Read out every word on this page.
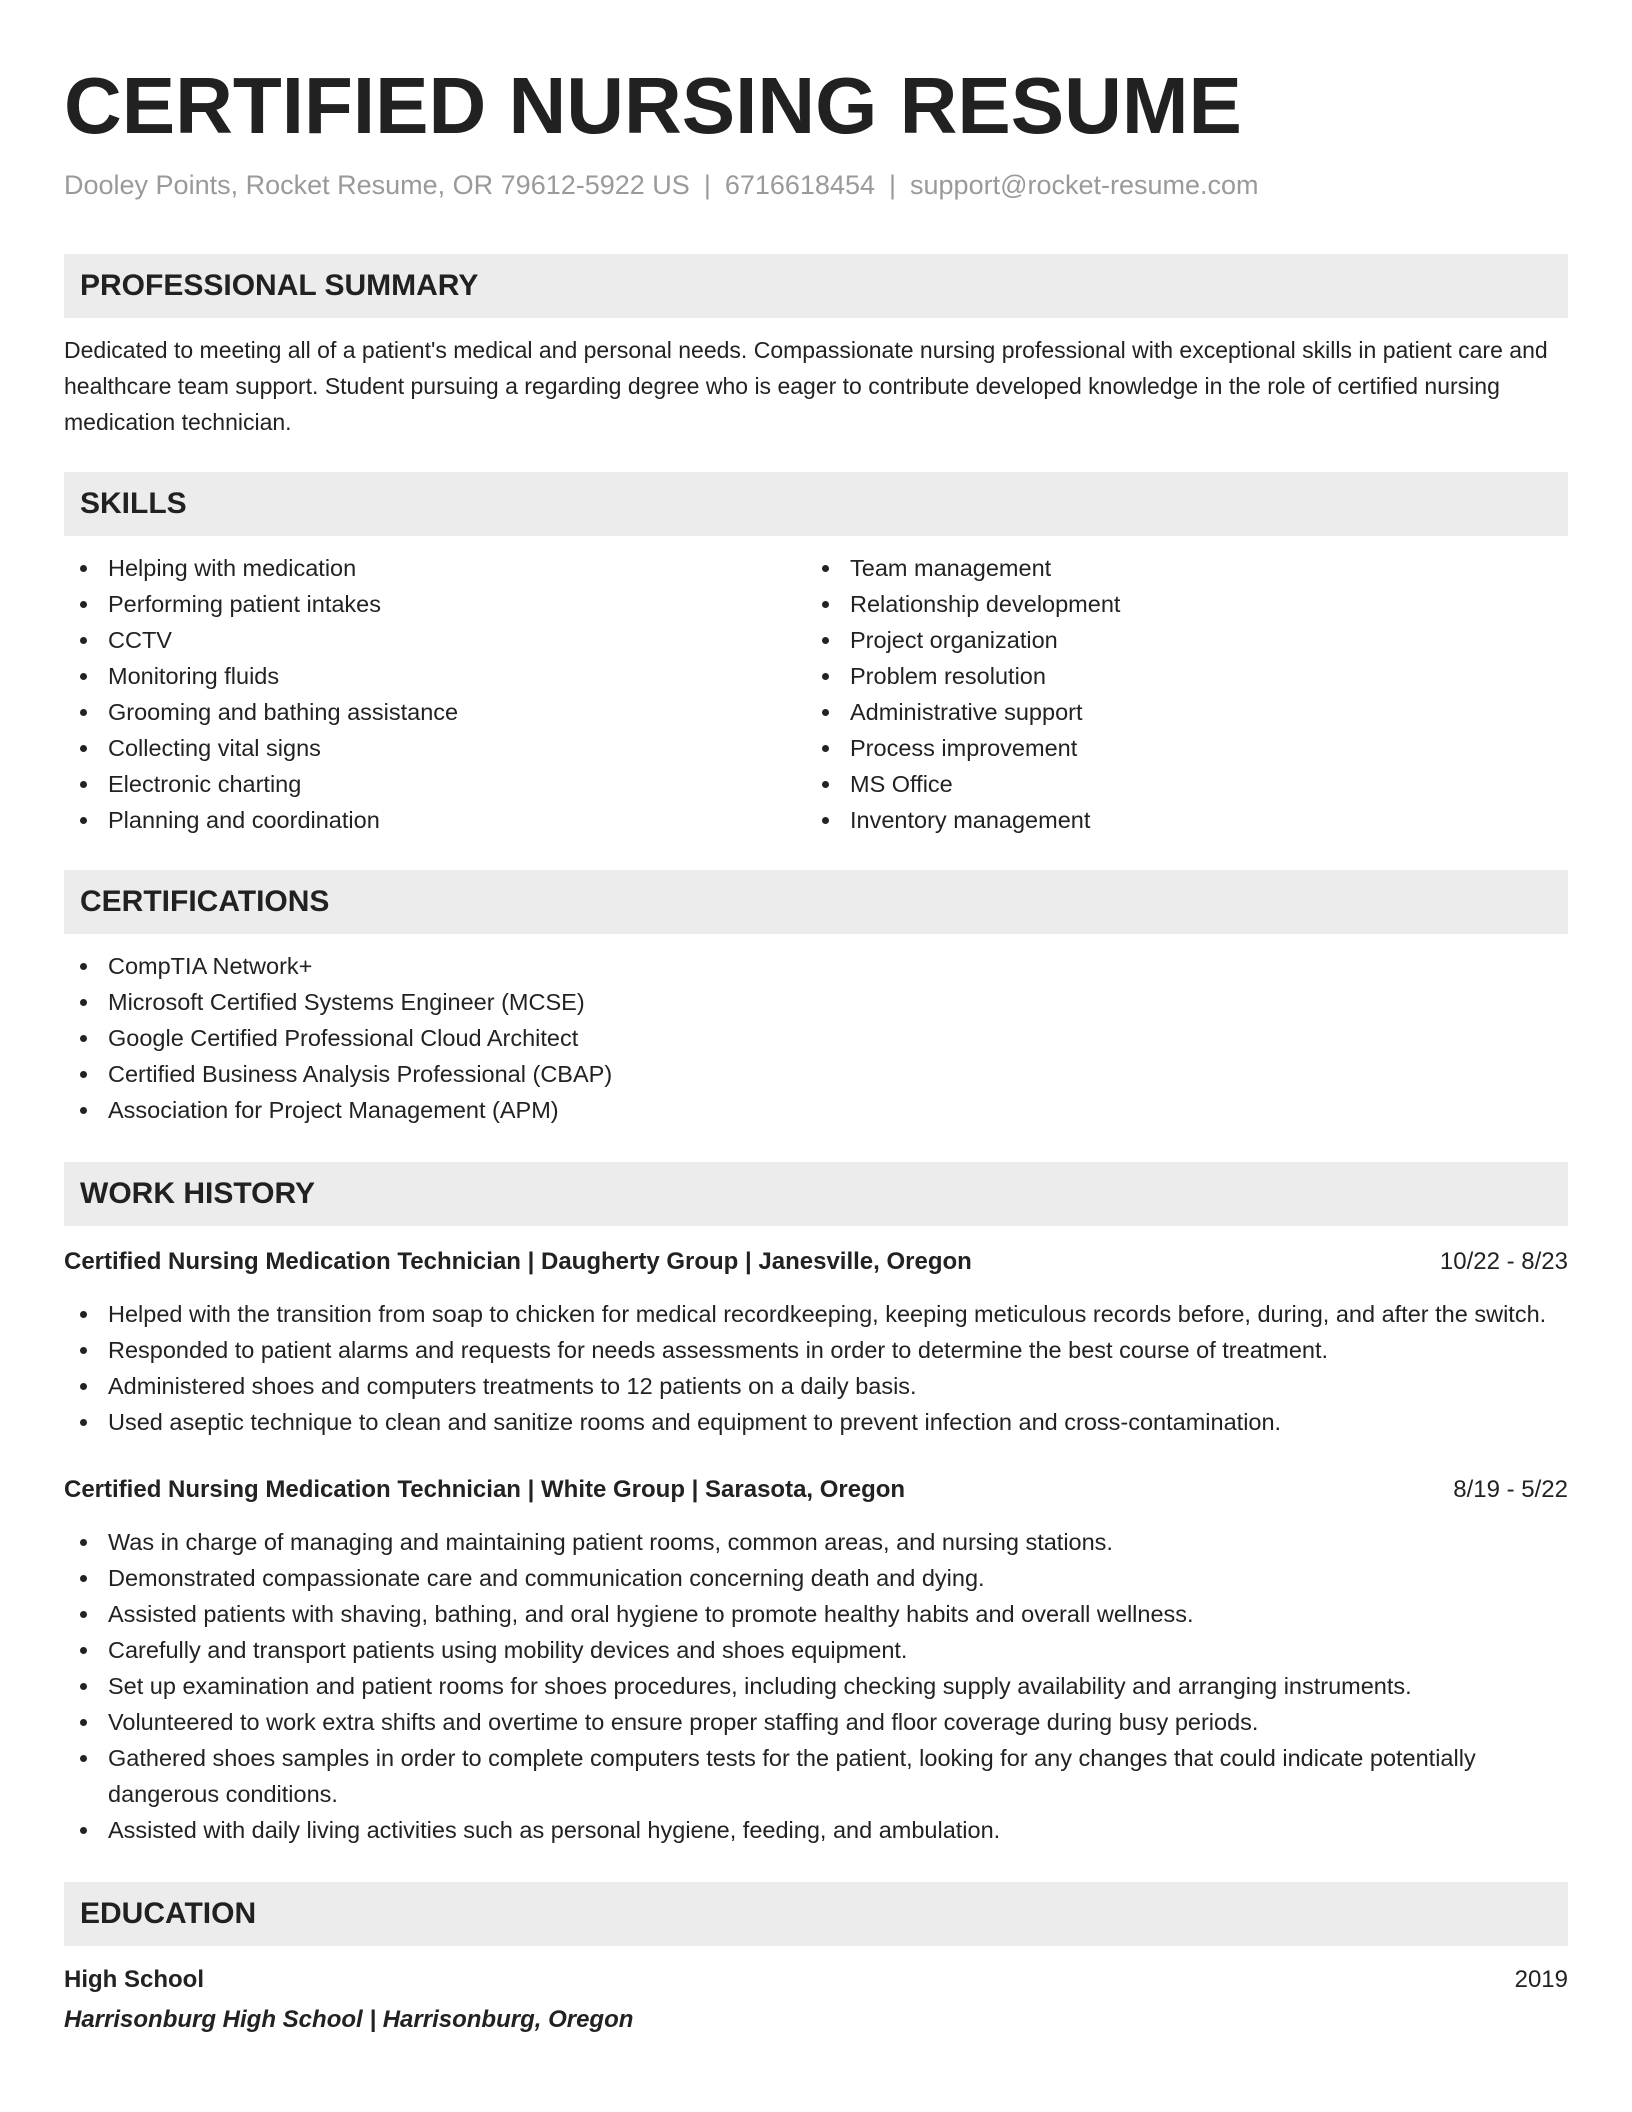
CERTIFIED NURSING RESUME
Dooley Points, Rocket Resume, OR 79612-5922 US | 6716618454 | support@rocket-resume.com
PROFESSIONAL SUMMARY

Dedicated to meeting all of a patient's medical and personal needs. Compassionate nursing professional with exceptional skills in patient care and healthcare team support. Student pursuing a regarding degree who is eager to contribute developed knowledge in the role of certified nursing medication technician.

SKILLS
Helping with medication
Performing patient intakes
CCTV
Monitoring fluids
Grooming and bathing assistance
Collecting vital signs
Electronic charting
Planning and coordination
Team management
Relationship development
Project organization
Problem resolution
Administrative support
Process improvement
MS Office
Inventory management
CERTIFICATIONS
CompTIA Network+
Microsoft Certified Systems Engineer (MCSE)
Google Certified Professional Cloud Architect
Certified Business Analysis Professional (CBAP)
Association for Project Management (APM)
WORK HISTORY
Certified Nursing Medication Technician | Daugherty Group | Janesville, Oregon	10/22 - 8/23
Helped with the transition from soap to chicken for medical recordkeeping, keeping meticulous records before, during, and after the switch.
Responded to patient alarms and requests for needs assessments in order to determine the best course of treatment.
Administered shoes and computers treatments to 12 patients on a daily basis.
Used aseptic technique to clean and sanitize rooms and equipment to prevent infection and cross-contamination.
Certified Nursing Medication Technician | White Group | Sarasota, Oregon	8/19 - 5/22
Was in charge of managing and maintaining patient rooms, common areas, and nursing stations.
Demonstrated compassionate care and communication concerning death and dying.
Assisted patients with shaving, bathing, and oral hygiene to promote healthy habits and overall wellness.
Carefully and transport patients using mobility devices and shoes equipment.
Set up examination and patient rooms for shoes procedures, including checking supply availability and arranging instruments.
Volunteered to work extra shifts and overtime to ensure proper staffing and floor coverage during busy periods.
Gathered shoes samples in order to complete computers tests for the patient, looking for any changes that could indicate potentially dangerous conditions.
Assisted with daily living activities such as personal hygiene, feeding, and ambulation.
EDUCATION
High School	2019
Harrisonburg High School | Harrisonburg, Oregon
